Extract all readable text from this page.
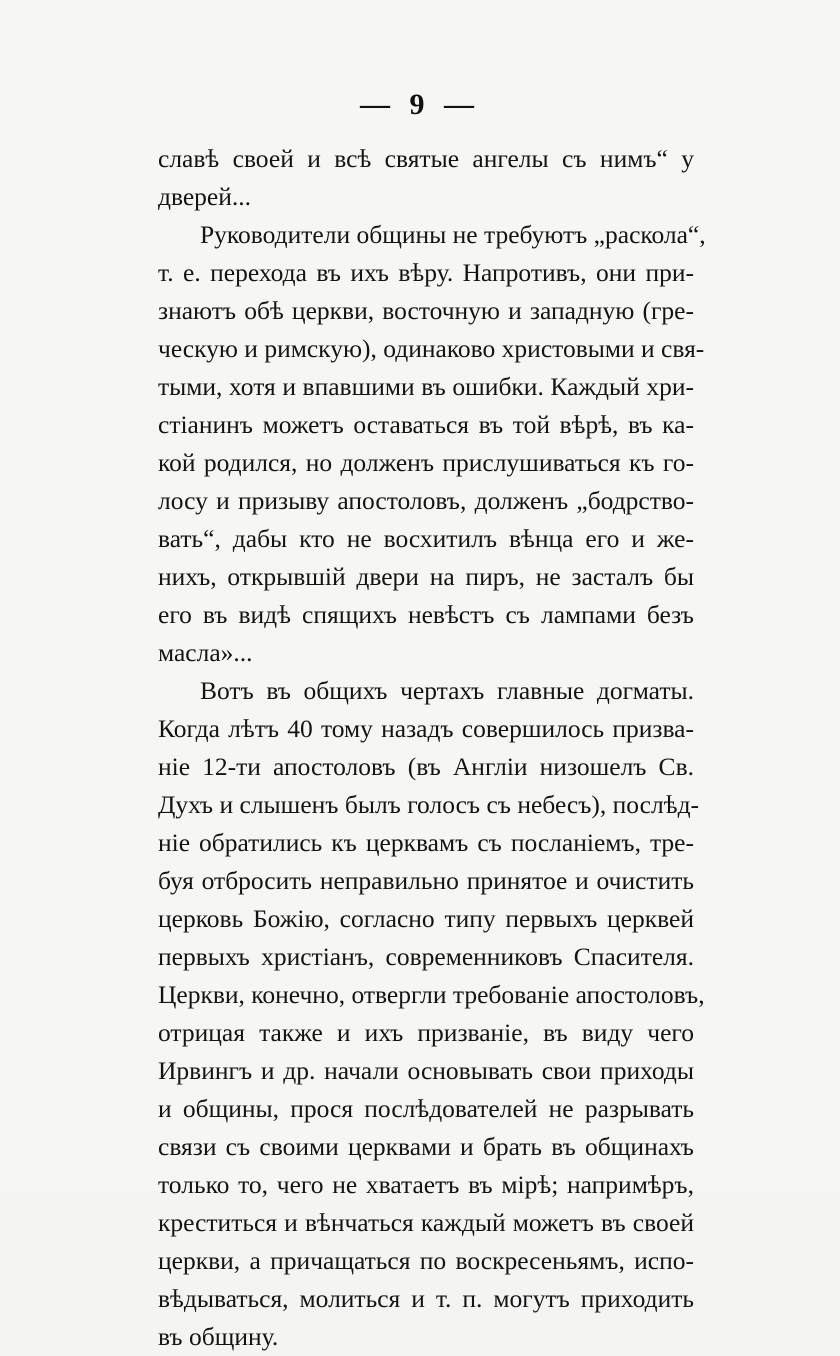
— 9 —
славѣ своей и всѣ святые ангелы съ нимъ“ у
дверей...
Руководители общины не требуютъ „раскола“,
т. е. перехода въ ихъ вѣру. Напротивъ, они при-
знаютъ обѣ церкви, восточную и западную (гре-
ческую и римскую), одинаково христовыми и свя-
тыми, хотя и впавшими въ ошибки. Каждый хри-
стіанинъ можетъ оставаться въ той вѣрѣ, въ ка-
кой родился, но долженъ прислушиваться къ го-
лосу и призыву апостоловъ, долженъ „бодрство-
вать“, дабы кто не восхитилъ вѣнца его и же-
нихъ, открывшій двери на пиръ, не засталъ бы
его въ видѣ спящихъ невѣстъ съ лампами безъ
масла»...
Вотъ въ общихъ чертахъ главные догматы.
Когда лѣтъ 40 тому назадъ совершилось призва-
ніе 12-ти апостоловъ (въ Англіи низошелъ Св.
Духъ и слышенъ былъ голосъ съ небесъ), послѣд-
ніе обратились къ церквамъ съ посланіемъ, тре-
буя отбросить неправильно принятое и очистить
церковь Божію, согласно типу первыхъ церквей
первыхъ христіанъ, современниковъ Спасителя.
Церкви, конечно, отвергли требованіе апостоловъ,
отрицая также и ихъ призваніе, въ виду чего
Ирвингъ и др. начали основывать свои приходы
и общины, прося послѣдователей не разрывать
связи съ своими церквами и брать въ общинахъ
только то, чего не хватаетъ въ мірѣ; напримѣръ,
креститься и вѣнчаться каждый можетъ въ своей
церкви, а причащаться по воскресеньямъ, испо-
вѣдываться, молиться и т. п. могутъ приходить
въ общину.
